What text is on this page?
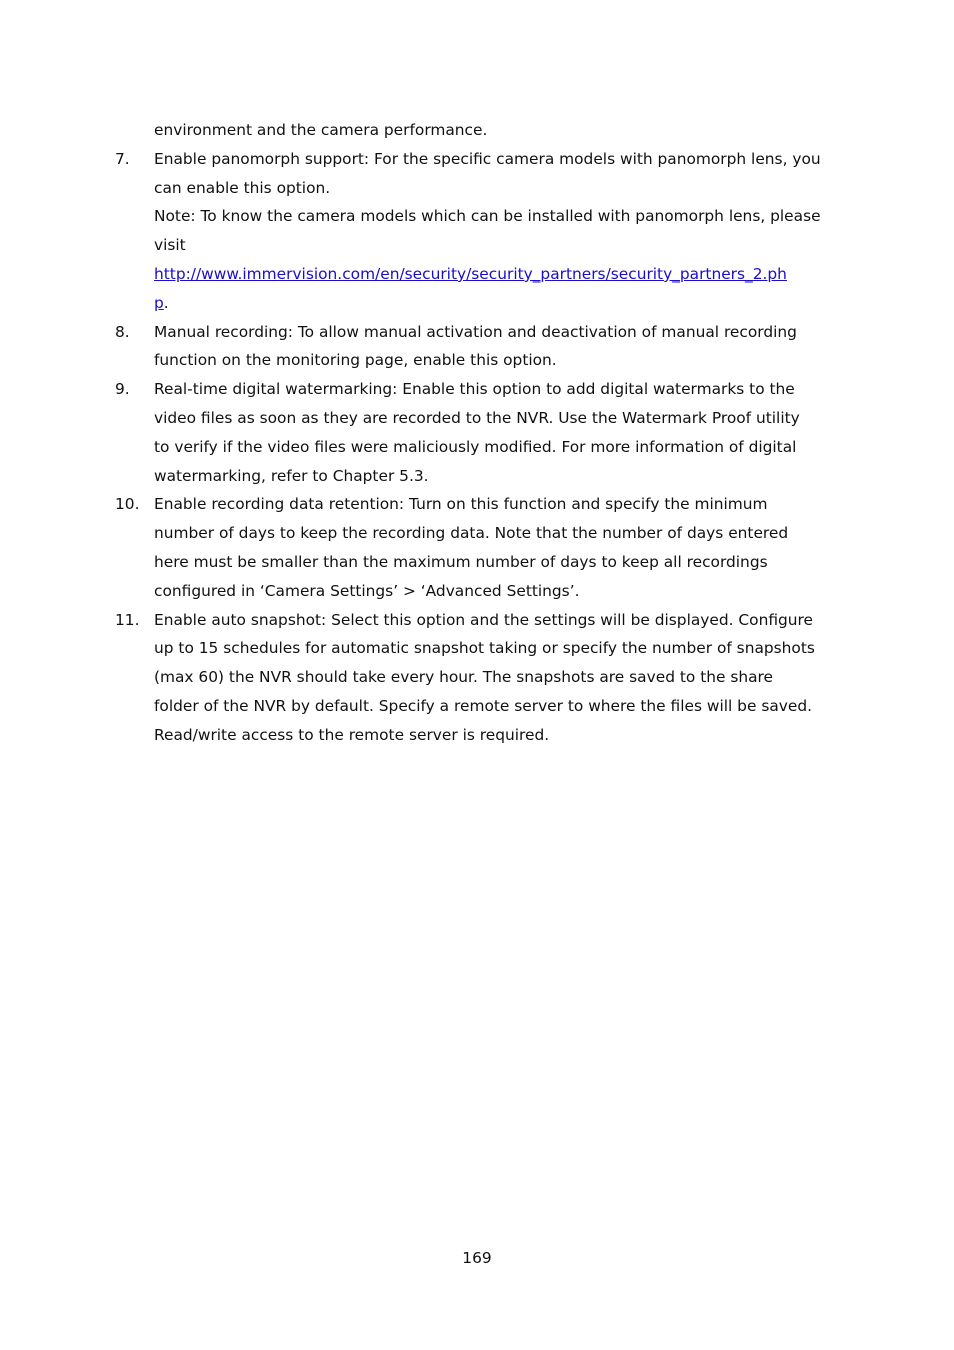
environment and the camera performance.
7. Enable panomorph support: For the specific camera models with panomorph lens, you
can enable this option.
Note: To know the camera models which can be installed with panomorph lens, please
visit
http://www.immervision.com/en/security/security_partners/security_partners_2.ph
p.
8. Manual recording: To allow manual activation and deactivation of manual recording
function on the monitoring page, enable this option.
9. Real-time digital watermarking: Enable this option to add digital watermarks to the
video files as soon as they are recorded to the NVR. Use the Watermark Proof utility
to verify if the video files were maliciously modified. For more information of digital
watermarking, refer to Chapter 5.3.
10. Enable recording data retention: Turn on this function and specify the minimum
number of days to keep the recording data. Note that the number of days entered
here must be smaller than the maximum number of days to keep all recordings
configured in ‘Camera Settings’ > ‘Advanced Settings’.
11. Enable auto snapshot: Select this option and the settings will be displayed. Configure
up to 15 schedules for automatic snapshot taking or specify the number of snapshots
(max 60) the NVR should take every hour. The snapshots are saved to the share
folder of the NVR by default. Specify a remote server to where the files will be saved.
Read/write access to the remote server is required.
169
